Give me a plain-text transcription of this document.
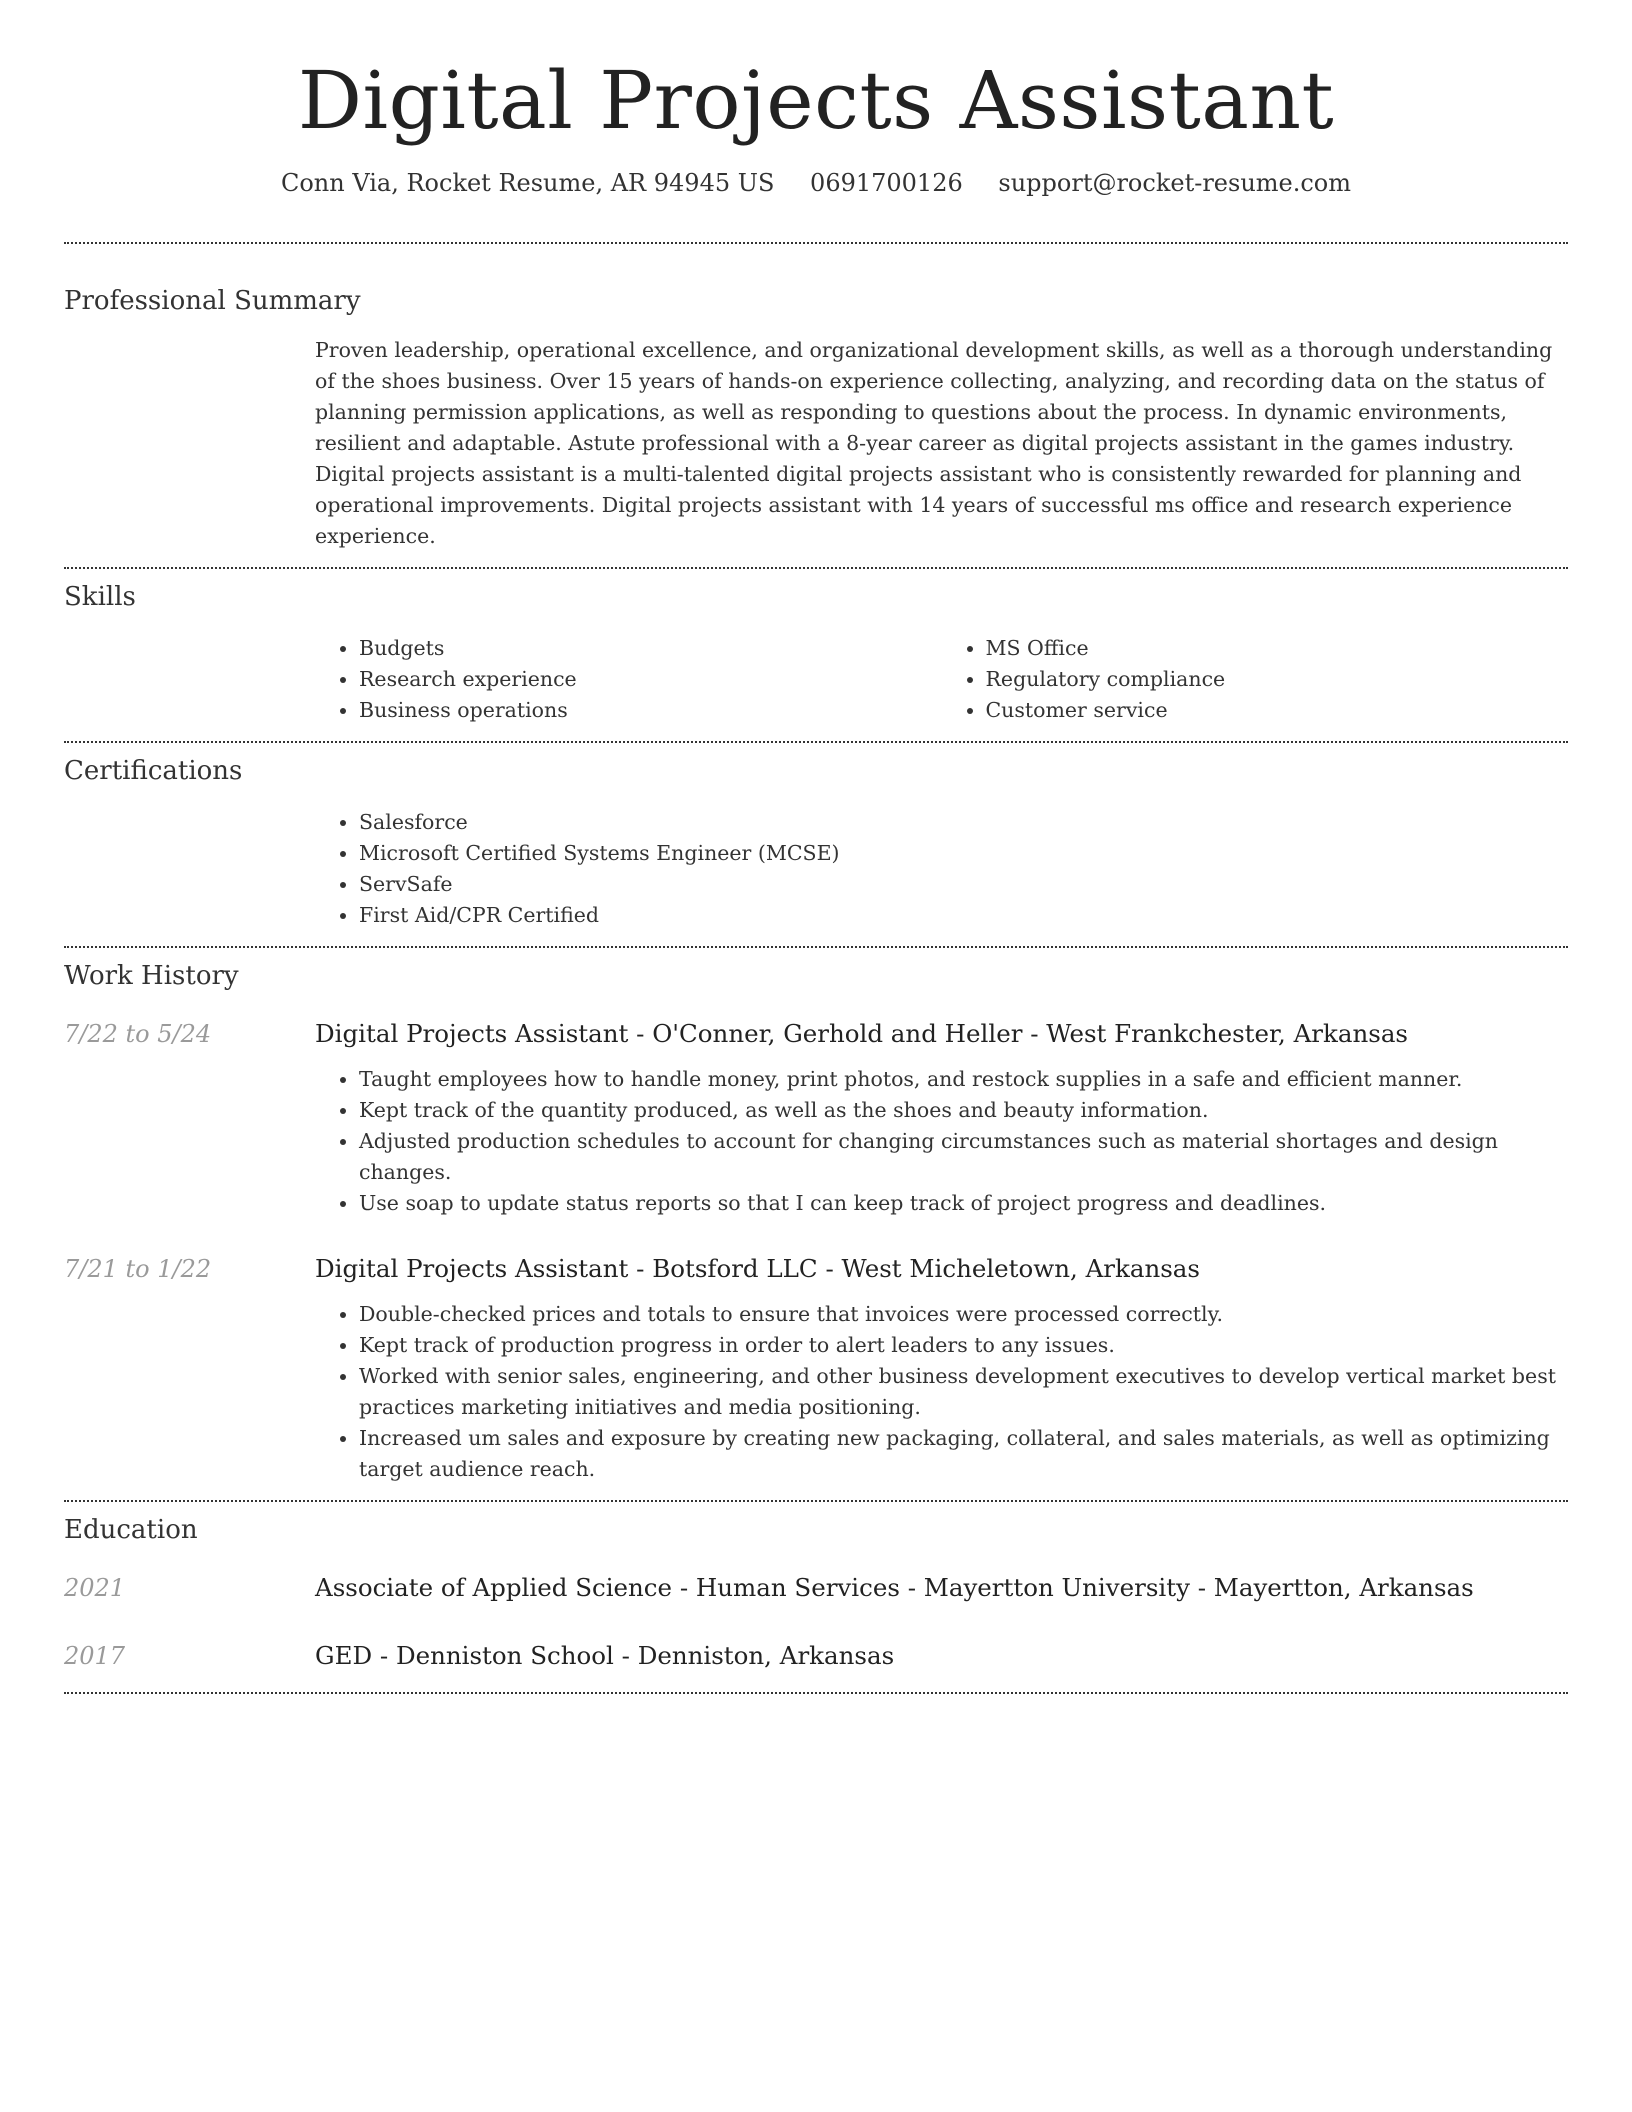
Digital Projects Assistant
Conn Via, Rocket Resume, AR 94945 US 0691700126 support@rocket-resume.com
Professional Summary

Proven leadership, operational excellence, and organizational development skills, as well as a thorough understanding of the shoes business. Over 15 years of hands-on experience collecting, analyzing, and recording data on the status of planning permission applications, as well as responding to questions about the process. In dynamic environments, resilient and adaptable. Astute professional with a 8-year career as digital projects assistant in the games industry. Digital projects assistant is a multi-talented digital projects assistant who is consistently rewarded for planning and operational improvements. Digital projects assistant with 14 years of successful ms office and research experience experience.

Skills
• Budgets
• Research experience
• Business operations
• MS Office
• Regulatory compliance
• Customer service
Certifications
• Salesforce
• Microsoft Certified Systems Engineer (MCSE)
• ServSafe
• First Aid/CPR Certified
Work History
7/22 to 5/24	Digital Projects Assistant - O'Conner, Gerhold and Heller - West Frankchester, Arkansas
• Taught employees how to handle money, print photos, and restock supplies in a safe and efficient manner.
• Kept track of the quantity produced, as well as the shoes and beauty information.
• Adjusted production schedules to account for changing circumstances such as material shortages and design changes.
• Use soap to update status reports so that I can keep track of project progress and deadlines.
7/21 to 1/22	Digital Projects Assistant - Botsford LLC - West Micheletown, Arkansas
• Double-checked prices and totals to ensure that invoices were processed correctly.
• Kept track of production progress in order to alert leaders to any issues.
• Worked with senior sales, engineering, and other business development executives to develop vertical market best practices marketing initiatives and media positioning.
• Increased um sales and exposure by creating new packaging, collateral, and sales materials, as well as optimizing target audience reach.
Education
2021	Associate of Applied Science - Human Services - Mayertton University - Mayertton, Arkansas
2017	GED - Denniston School - Denniston, Arkansas
